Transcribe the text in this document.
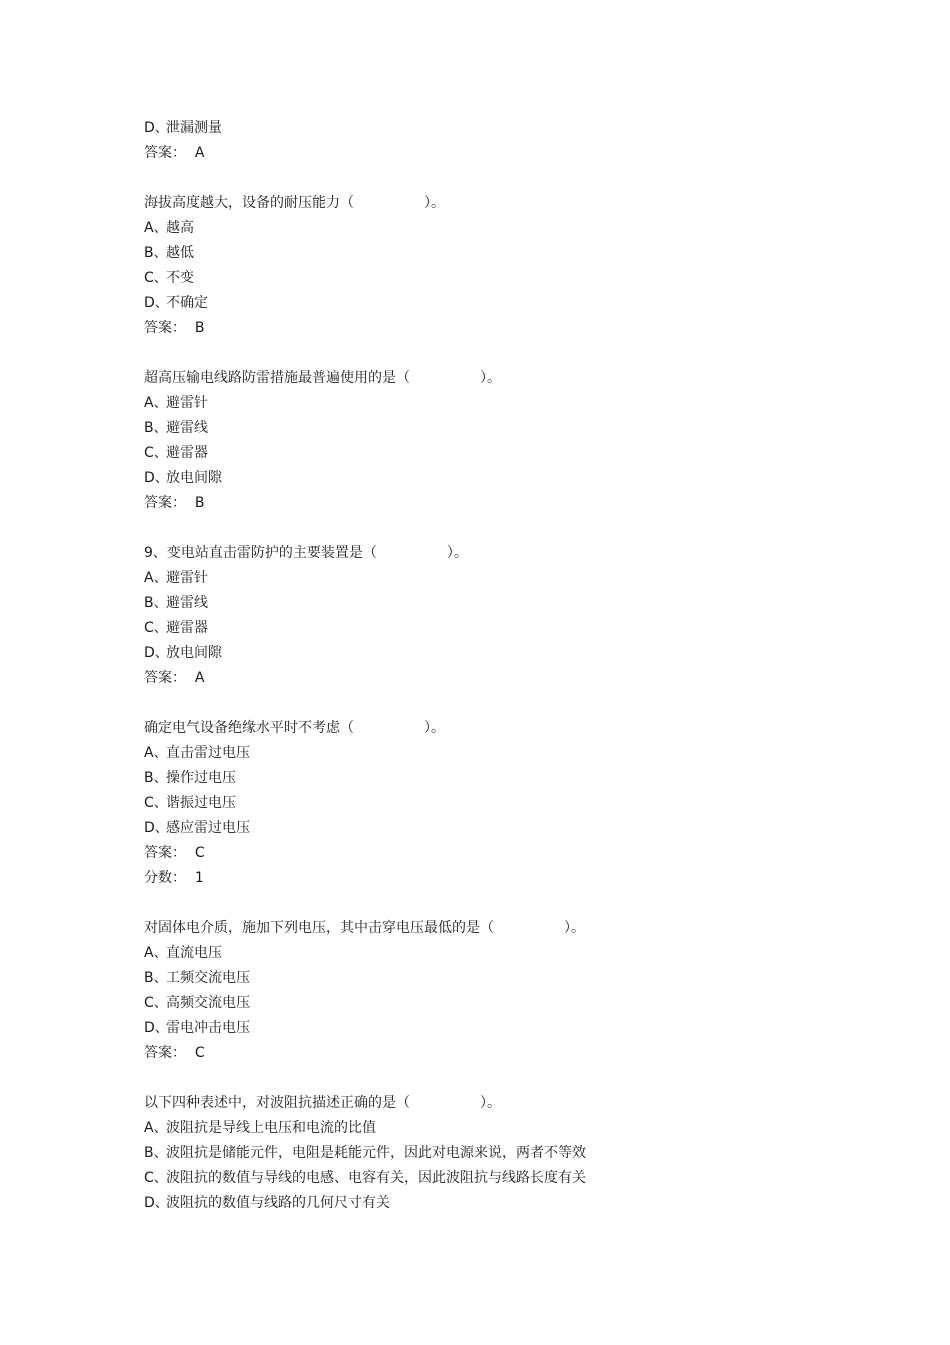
D、泄漏测量
答案： A
海拔高度越大，设备的耐压能力（　　　　　	）。
A、越高
B、越低
C、不变
D、不确定
答案： B
超高压输电线路防雷措施最普遍使用的是（　　　　　	）。
A、避雷针
B、避雷线
C、避雷器
D、放电间隙
答案： B
9、变电站直击雷防护的主要装置是（　　　　　	）。
A、避雷针
B、避雷线
C、避雷器
D、放电间隙
答案： A
确定电气设备绝缘水平时不考虑（　　　　　	）。
A、直击雷过电压
B、操作过电压
C、谐振过电压
D、感应雷过电压
答案： C
分数： 1
对固体电介质，施加下列电压，其中击穿电压最低的是（　　　　　	）。
A、直流电压
B、工频交流电压
C、高频交流电压
D、雷电冲击电压
答案： C
以下四种表述中，对波阻抗描述正确的是（　　　　　	）。
A、波阻抗是导线上电压和电流的比值
B、波阻抗是储能元件，电阻是耗能元件，因此对电源来说，两者不等效
C、波阻抗的数值与导线的电感、电容有关，因此波阻抗与线路长度有关
D、波阻抗的数值与线路的几何尺寸有关
